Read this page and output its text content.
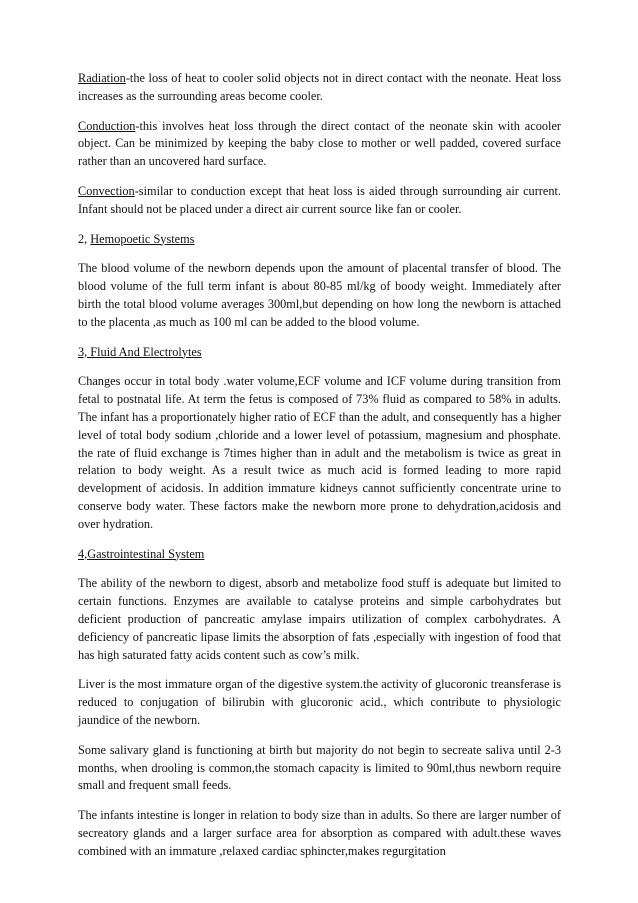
Radiation-the loss of heat to cooler solid objects not in direct contact with the neonate. Heat loss increases as the surrounding areas become cooler.

Conduction-this involves heat loss through the direct contact of the neonate skin with acooler object. Can be minimized by keeping the baby close to mother or well padded, covered surface rather than an uncovered hard surface.

Convection-similar to conduction except that heat loss is aided through surrounding air current. Infant should not be placed under a direct air current source like fan or cooler.

2, Hemopoetic Systems

The blood volume of the newborn depends upon the amount of placental transfer of blood. The blood volume of the full term infant is about 80-85 ml/kg of boody weight. Immediately after birth the total blood volume averages 300ml,but depending on how long the newborn is attached to the placenta ,as much as 100 ml can be added to the blood volume.

3, Fluid And Electrolytes

Changes occur in total body .water volume,ECF volume and ICF volume during transition from fetal to postnatal life. At term the fetus is composed of 73% fluid as compared to 58% in adults. The infant has a proportionately higher ratio of ECF than the adult, and consequently has a higher level of total body sodium ,chloride and a lower level of potassium, magnesium and phosphate. the rate of fluid exchange is 7times higher than in adult and the metabolism is twice as great in relation to body weight. As a result twice as much acid is formed leading to more rapid development of acidosis. In addition immature kidneys cannot sufficiently concentrate urine to conserve body water. These factors make the newborn more prone to dehydration,acidosis and over hydration.

4,Gastrointestinal System

The ability of the newborn to digest, absorb and metabolize food stuff is adequate but limited to certain functions. Enzymes are available to catalyse proteins and simple carbohydrates but deficient production of pancreatic amylase impairs utilization of complex carbohydrates. A deficiency of pancreatic lipase limits the absorption of fats ,especially with ingestion of food that has high saturated fatty acids content such as cow’s milk.

Liver is the most immature organ of the digestive system.the activity of glucoronic treansferase is reduced to conjugation of bilirubin with glucoronic acid., which contribute to physiologic jaundice of the newborn.

Some salivary gland is functioning at birth but majority do not begin to secreate saliva until 2-3 months, when drooling is common,the stomach capacity is limited to 90ml,thus newborn require small and frequent small feeds.

The infants intestine is longer in relation to body size than in adults. So there are larger number of secreatory glands and a larger surface area for absorption as compared with adult.these waves combined with an immature ,relaxed cardiac sphincter,makes regurgitation
